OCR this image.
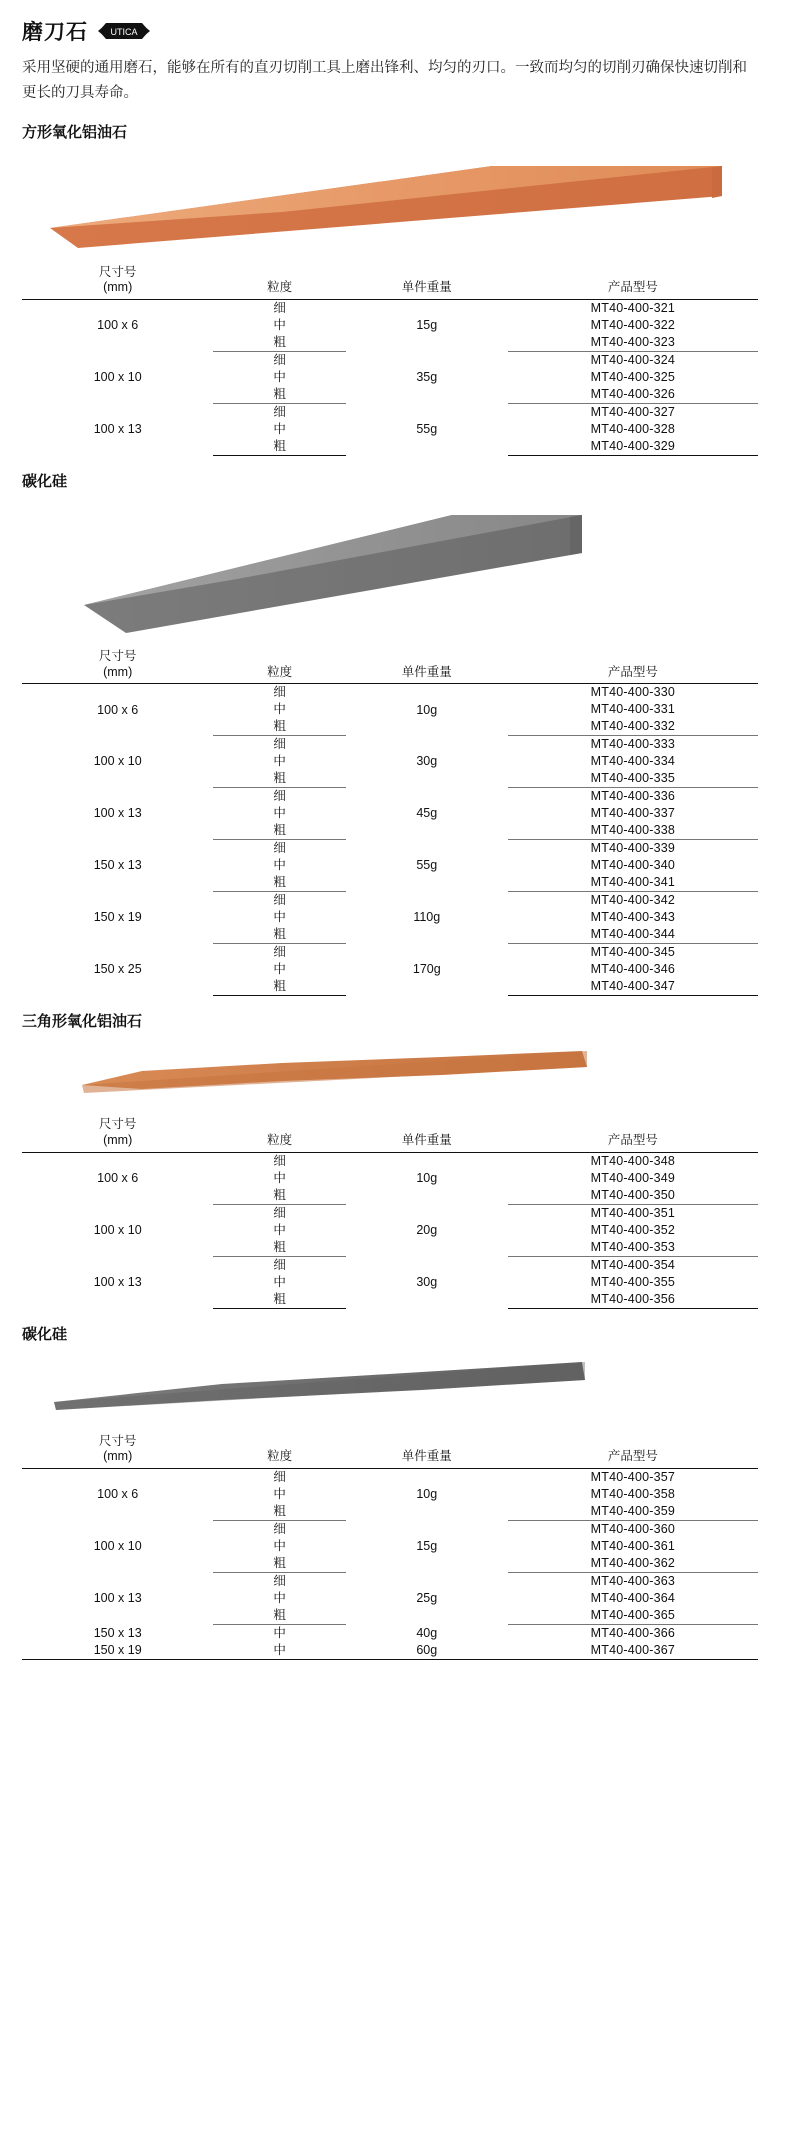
磨刀石	UTICA
采用坚硬的通用磨石，能够在所有的直刃切削工具上磨出锋利、均匀的刃口。一致而均匀的切削刃确保快速切削和更长的刀具寿命。
方形氧化铝油石
尺寸号
(mm)	粒度	单件重量	产品型号
100 x 6	细	15g	MT40-400-321
	中		MT40-400-322
	粗		MT40-400-323
100 x 10	细	35g	MT40-400-324
	中		MT40-400-325
	粗		MT40-400-326
100 x 13	细	55g	MT40-400-327
	中		MT40-400-328
	粗		MT40-400-329
碳化硅
尺寸号
(mm)	粒度	单件重量	产品型号
100 x 6	细	10g	MT40-400-330
	中		MT40-400-331
	粗		MT40-400-332
100 x 10	细	30g	MT40-400-333
	中		MT40-400-334
	粗		MT40-400-335
100 x 13	细	45g	MT40-400-336
	中		MT40-400-337
	粗		MT40-400-338
150 x 13	细	55g	MT40-400-339
	中		MT40-400-340
	粗		MT40-400-341
150 x 19	细	110g	MT40-400-342
	中		MT40-400-343
	粗		MT40-400-344
150 x 25	细	170g	MT40-400-345
	中		MT40-400-346
	粗		MT40-400-347
三角形氧化铝油石
尺寸号
(mm)	粒度	单件重量	产品型号
100 x 6	细	10g	MT40-400-348
	中		MT40-400-349
	粗		MT40-400-350
100 x 10	细	20g	MT40-400-351
	中		MT40-400-352
	粗		MT40-400-353
100 x 13	细	30g	MT40-400-354
	中		MT40-400-355
	粗		MT40-400-356
碳化硅
尺寸号
(mm)	粒度	单件重量	产品型号
100 x 6	细	10g	MT40-400-357
	中		MT40-400-358
	粗		MT40-400-359
100 x 10	细	15g	MT40-400-360
	中		MT40-400-361
	粗		MT40-400-362
100 x 13	细	25g	MT40-400-363
	中		MT40-400-364
	粗		MT40-400-365
150 x 13	中	40g	MT40-400-366
150 x 19	中	60g	MT40-400-367
